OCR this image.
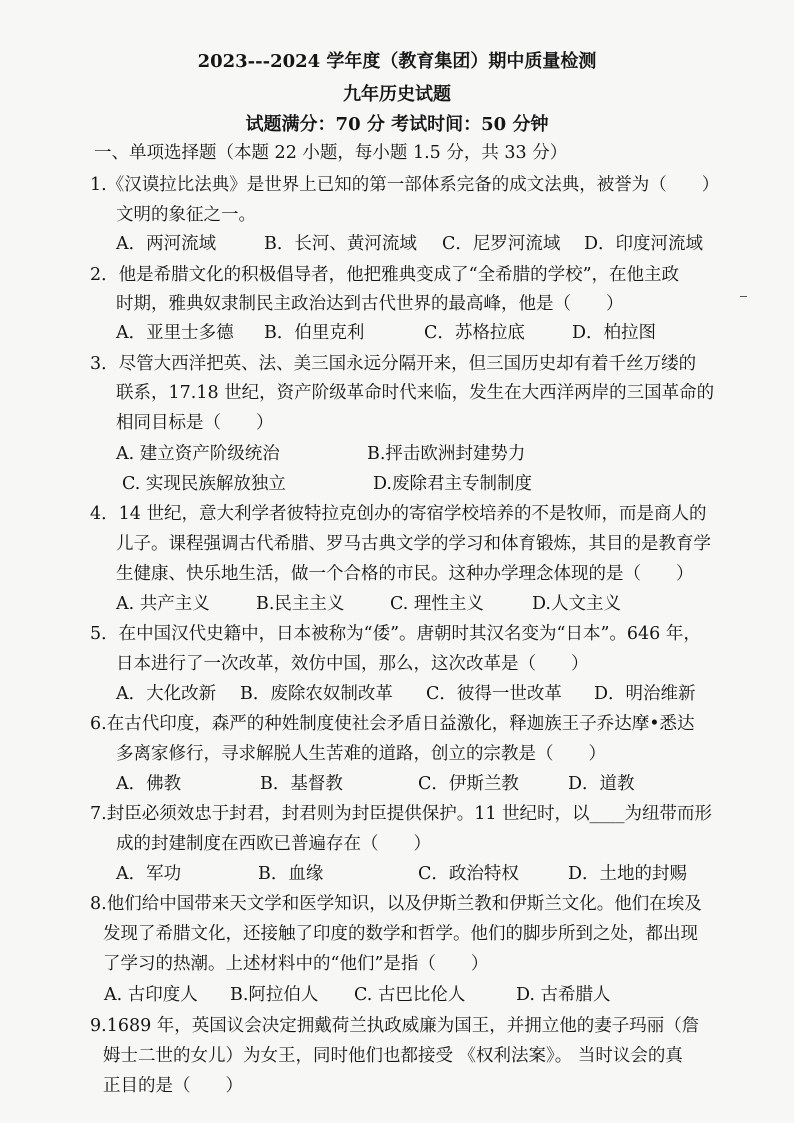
2023---2024 学年度（教育集团）期中质量检测
九年历史试题
试题满分：70 分 考试时间：50 分钟
一、单项选择题（本题 22 小题，每小题 1.5 分，共 33 分）
1.《汉谟拉比法典》是世界上已知的第一部体系完备的成文法典，被誉为（　　）
文明的象征之一。
A．两河流域	B．长河、黄河流域 C．尼罗河流域 D．印度河流域
2．他是希腊文化的积极倡导者，他把雅典变成了“全希腊的学校”，在他主政
时期，雅典奴隶制民主政治达到古代世界的最高峰，他是（　　）
A．亚里士多德 B．伯里克利	C．苏格拉底	D．柏拉图
3．尽管大西洋把英、法、美三国永远分隔开来，但三国历史却有着千丝万缕的
联系，17.18 世纪，资产阶级革命时代来临，发生在大西洋两岸的三国革命的
相同目标是（　　）
A. 建立资产阶级统治	B.抨击欧洲封建势力
C. 实现民族解放独立	D.废除君主专制制度
4．14 世纪，意大利学者彼特拉克创办的寄宿学校培养的不是牧师，而是商人的
儿子。课程强调古代希腊、罗马古典文学的学习和体育锻炼，其目的是教育学
生健康、快乐地生活，做一个合格的市民。这种办学理念体现的是（　　）
A. 共产主义	B.民主主义	C. 理性主义	D.人文主义
5．在中国汉代史籍中，日本被称为“倭”。唐朝时其汉名变为“日本”。646 年，
日本进行了一次改革，效仿中国，那么，这次改革是（　　）
A．大化改新 B．废除农奴制改革 C．彼得一世改革 D．明治维新
6.在古代印度，森严的种姓制度使社会矛盾日益激化，释迦族王子乔达摩•悉达
多离家修行，寻求解脱人生苦难的道路，创立的宗教是（　　）
A．佛教	B．基督教	C．伊斯兰教	D．道教
7.封臣必须效忠于封君，封君则为封臣提供保护。11 世纪时，以____为纽带而形
成的封建制度在西欧已普遍存在（　　）
A．军功	B．血缘	C．政治特权	D．土地的封赐
8.他们给中国带来天文学和医学知识，以及伊斯兰教和伊斯兰文化。他们在埃及
发现了希腊文化，还接触了印度的数学和哲学。他们的脚步所到之处，都出现
了学习的热潮。上述材料中的“他们”是指（　　）
A. 古印度人 B.阿拉伯人 C. 古巴比伦人	D. 古希腊人
9.1689 年，英国议会决定拥戴荷兰执政威廉为国王，并拥立他的妻子玛丽（詹
姆士二世的女儿）为女王，同时他们也都接受 《权利法案》。 当时议会的真
正目的是（　　）
